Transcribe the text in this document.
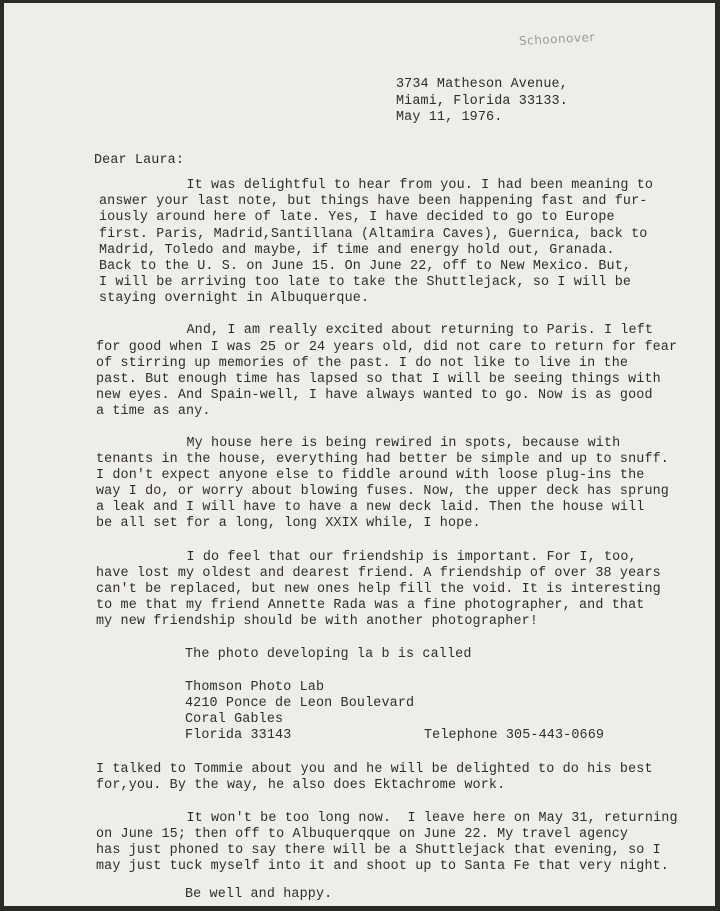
Schoonover
3734 Matheson Avenue,
Miami, Florida 33133.
May 11, 1976.
Dear Laura:
It was delightful to hear from you. I had been meaning to
answer your last note, but things have been happening fast and fur-
iously around here of late. Yes, I have decided to go to Europe
first. Paris, Madrid,Santillana (Altamira Caves), Guernica, back to
Madrid, Toledo and maybe, if time and energy hold out, Granada.
Back to the U. S. on June 15. On June 22, off to New Mexico. But,
I will be arriving too late to take the Shuttlejack, so I will be
staying overnight in Albuquerque.
And, I am really excited about returning to Paris. I left
for good when I was 25 or 24 years old, did not care to return for fear
of stirring up memories of the past. I do not like to live in the
past. But enough time has lapsed so that I will be seeing things with
new eyes. And Spain-well, I have always wanted to go. Now is as good
a time as any.
My house here is being rewired in spots, because with
tenants in the house, everything had better be simple and up to snuff.
I don't expect anyone else to fiddle around with loose plug-ins the
way I do, or worry about blowing fuses. Now, the upper deck has sprung
a leak and I will have to have a new deck laid. Then the house will
be all set for a long, long XXIX while, I hope.
I do feel that our friendship is important. For I, too,
have lost my oldest and dearest friend. A friendship of over 38 years
can't be replaced, but new ones help fill the void. It is interesting
to me that my friend Annette Rada was a fine photographer, and that
my new friendship should be with another photographer!
The photo developing la b is called
Thomson Photo Lab
4210 Ponce de Leon Boulevard
Coral Gables
Florida 33143	Telephone 305-443-0669
I talked to Tommie about you and he will be delighted to do his best
for,you. By the way, he also does Ektachrome work.
It won't be too long now.  I leave here on May 31, returning
on June 15; then off to Albuquerqque on June 22. My travel agency
has just phoned to say there will be a Shuttlejack that evening, so I
may just tuck myself into it and shoot up to Santa Fe that very night.
Be well and happy.
